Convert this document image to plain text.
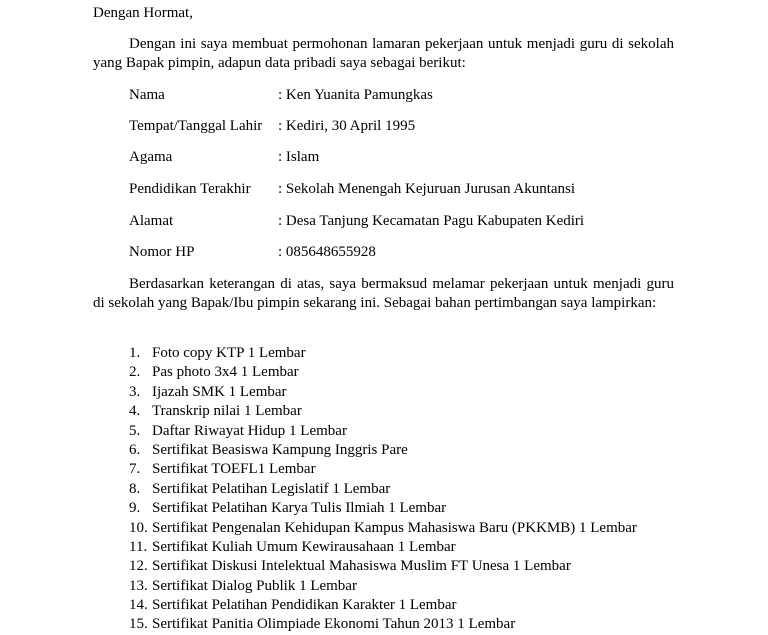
Dengan Hormat,
Dengan ini saya membuat permohonan lamaran pekerjaan untuk menjadi guru di sekolah yang Bapak pimpin, adapun data pribadi saya sebagai berikut:
Nama	: Ken Yuanita Pamungkas
Tempat/Tanggal Lahir : Kediri, 30 April 1995
Agama	: Islam
Pendidikan Terakhir : Sekolah Menengah Kejuruan Jurusan Akuntansi
Alamat	: Desa Tanjung Kecamatan Pagu Kabupaten Kediri
Nomor HP	: 085648655928
Berdasarkan keterangan di atas, saya bermaksud melamar pekerjaan untuk menjadi guru di sekolah yang Bapak/Ibu pimpin sekarang ini. Sebagai bahan pertimbangan saya lampirkan:
1. Foto copy KTP 1 Lembar
2. Pas photo 3x4 1 Lembar
3. Ijazah SMK 1 Lembar
4. Transkrip nilai 1 Lembar
5. Daftar Riwayat Hidup 1 Lembar
6. Sertifikat Beasiswa Kampung Inggris Pare
7. Sertifikat TOEFL1 Lembar
8. Sertifikat Pelatihan Legislatif 1 Lembar
9. Sertifikat Pelatihan Karya Tulis Ilmiah 1 Lembar
10. Sertifikat Pengenalan Kehidupan Kampus Mahasiswa Baru (PKKMB) 1 Lembar
11. Sertifikat Kuliah Umum Kewirausahaan 1 Lembar
12. Sertifikat Diskusi Intelektual Mahasiswa Muslim FT Unesa 1 Lembar
13. Sertifikat Dialog Publik 1 Lembar
14. Sertifikat Pelatihan Pendidikan Karakter 1 Lembar
15. Sertifikat Panitia Olimpiade Ekonomi Tahun 2013 1 Lembar
